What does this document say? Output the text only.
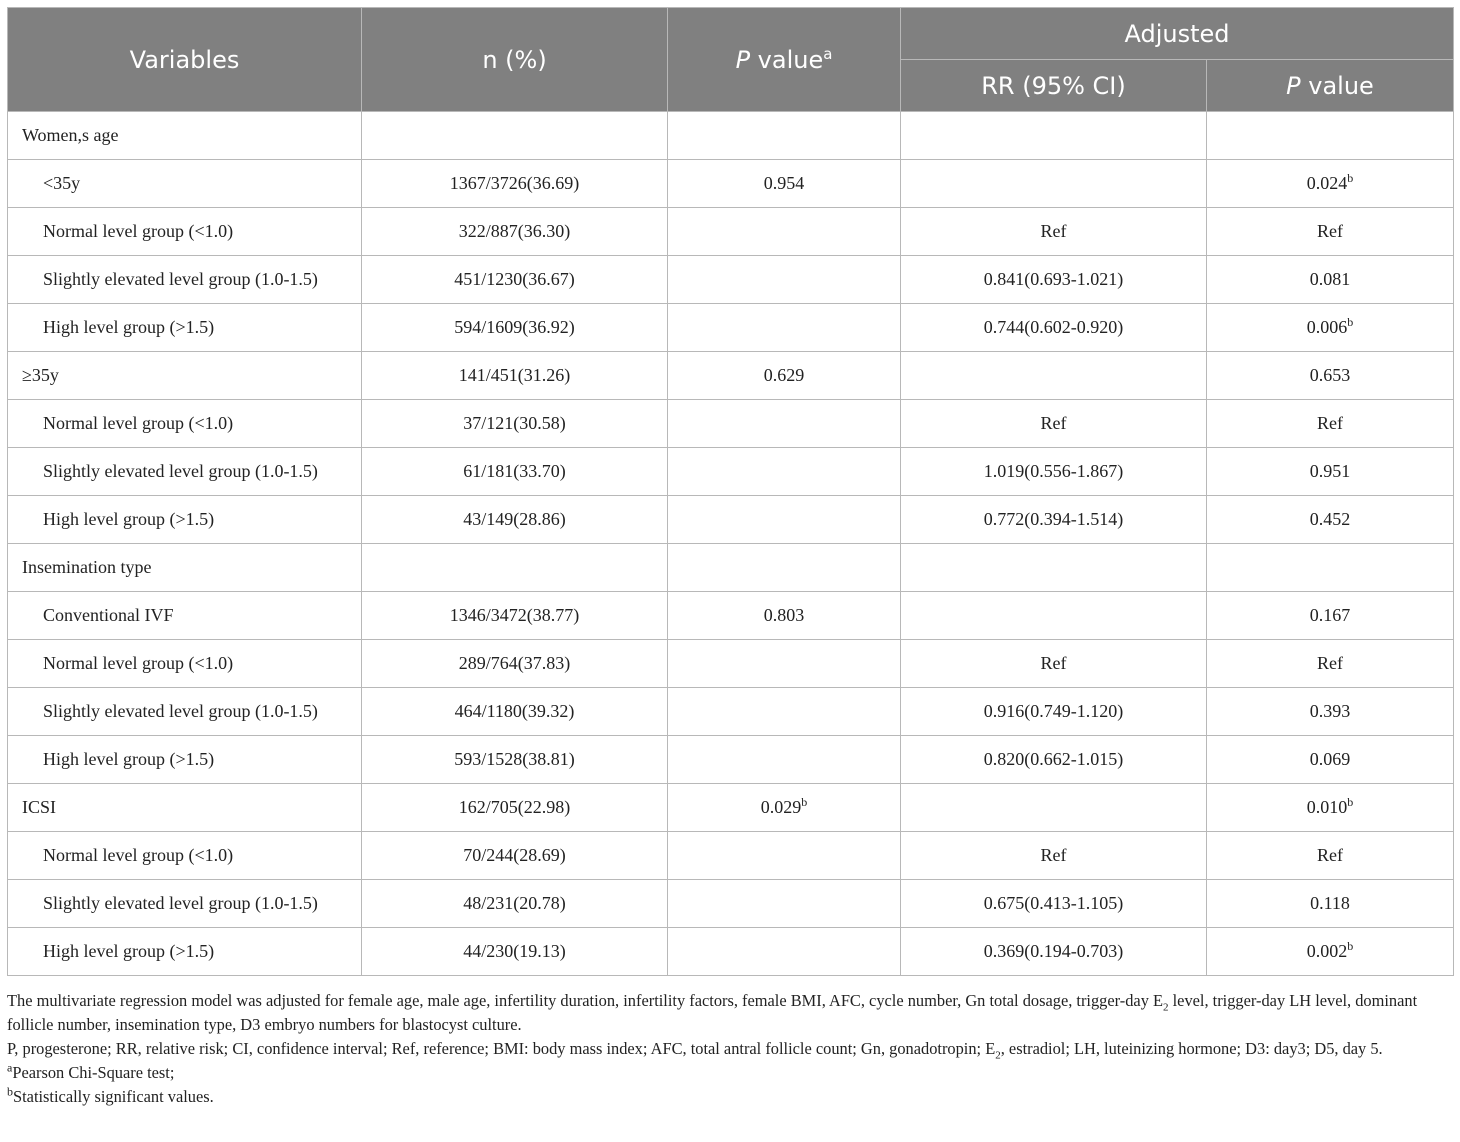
Variables	n (%)	P value$^a$	Adjusted	
			RR (95% CI)	P value
Women,s age				
<35y	1367/3726(36.69)	0.954		0.024$^b$
Normal level group (<1.0)	322/887(36.30)		Ref	Ref
Slightly elevated level group (1.0-1.5)	451/1230(36.67)		0.841(0.693-1.021)	0.081
High level group (>1.5)	594/1609(36.92)		0.744(0.602-0.920)	0.006$^b$
≥35y	141/451(31.26)	0.629		0.653
Normal level group (<1.0)	37/121(30.58)		Ref	Ref
Slightly elevated level group (1.0-1.5)	61/181(33.70)		1.019(0.556-1.867)	0.951
High level group (>1.5)	43/149(28.86)		0.772(0.394-1.514)	0.452
Insemination type				
Conventional IVF	1346/3472(38.77)	0.803		0.167
Normal level group (<1.0)	289/764(37.83)		Ref	Ref
Slightly elevated level group (1.0-1.5)	464/1180(39.32)		0.916(0.749-1.120)	0.393
High level group (>1.5)	593/1528(38.81)		0.820(0.662-1.015)	0.069
ICSI	162/705(22.98)	0.029$^b$		0.010$^b$
Normal level group (<1.0)	70/244(28.69)		Ref	Ref
Slightly elevated level group (1.0-1.5)	48/231(20.78)		0.675(0.413-1.105)	0.118
High level group (>1.5)	44/230(19.13)		0.369(0.194-0.703)	0.002$^b$

The multivariate regression model was adjusted for female age, male age, infertility duration, infertility factors, female BMI, AFC, cycle number, Gn total dosage, trigger-day $E_2$ level, trigger-day LH level, dominant follicle number, insemination type, D3 embryo numbers for blastocyst culture.

P, progesterone; RR, relative risk; CI, confidence interval; Ref, reference; BMI: body mass index; AFC, total antral follicle count; Gn, gonadotropin; $E_2$, estradiol; LH, luteinizing hormone; D3: day3; D5, day 5.

$^a$Pearson Chi-Square test;

$^b$Statistically significant values.
